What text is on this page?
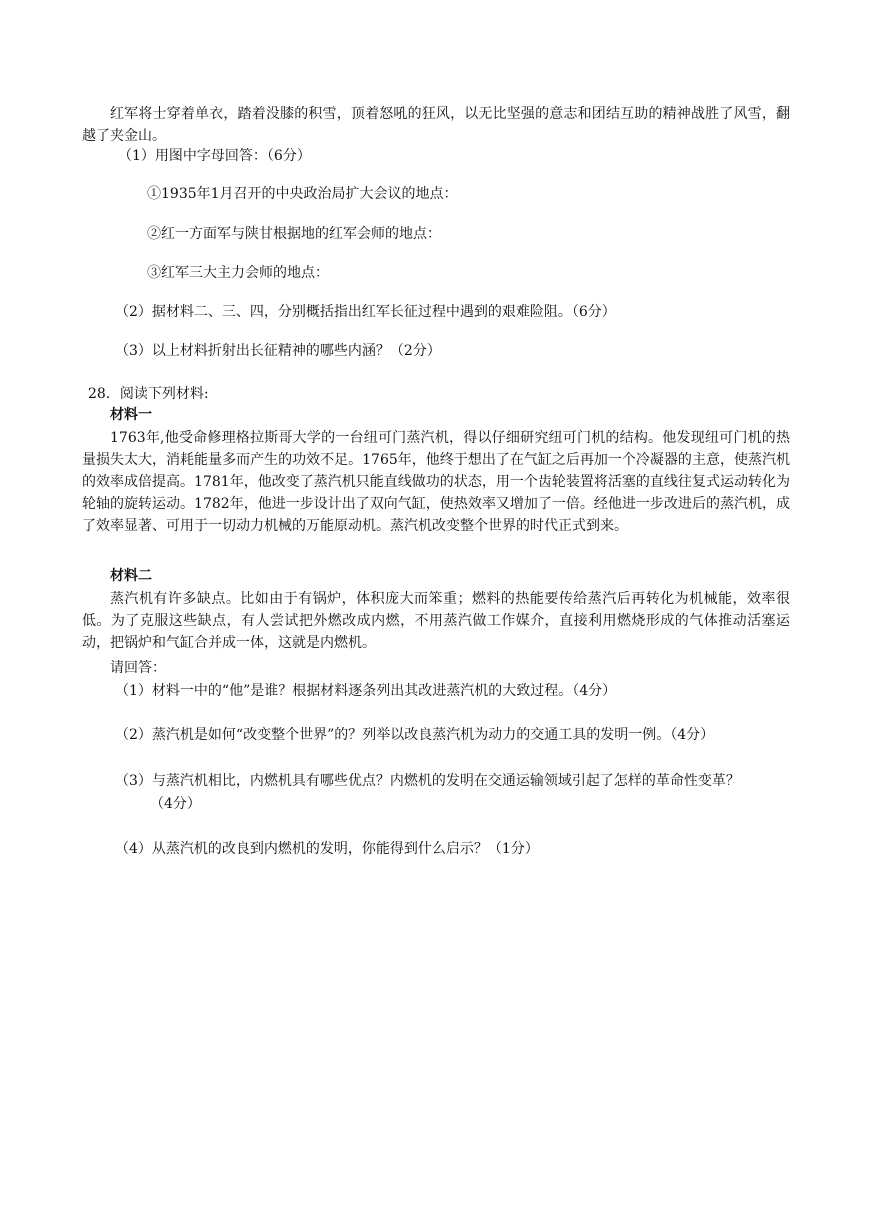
红军将士穿着单衣，踏着没膝的积雪，顶着怒吼的狂风，以无比坚强的意志和团结互助的精神战胜了风雪，翻越了夹金山。

（1）用图中字母回答：（6分）
①1935年1月召开的中央政治局扩大会议的地点：
②红一方面军与陕甘根据地的红军会师的地点：
③红军三大主力会师的地点：
（2）据材料二、三、四，分别概括指出红军长征过程中遇到的艰难险阻。（6分）
（3）以上材料折射出长征精神的哪些内涵？（2分）
28．阅读下列材料:
材料一

1763年,他受命修理格拉斯哥大学的一台纽可门蒸汽机，得以仔细研究纽可门机的结构。他发现纽可门机的热量损失太大，消耗能量多而产生的功效不足。1765年，他终于想出了在气缸之后再加一个冷凝器的主意，使蒸汽机的效率成倍提高。1781年，他改变了蒸汽机只能直线做功的状态，用一个齿轮装置将活塞的直线往复式运动转化为轮轴的旋转运动。1782年，他进一步设计出了双向气缸，使热效率又增加了一倍。经他进一步改进后的蒸汽机，成了效率显著、可用于一切动力机械的万能原动机。蒸汽机改变整个世界的时代正式到来。

材料二

蒸汽机有许多缺点。比如由于有锅炉，体积庞大而笨重；燃料的热能要传给蒸汽后再转化为机械能，效率很低。为了克服这些缺点，有人尝试把外燃改成内燃，不用蒸汽做工作媒介，直接利用燃烧形成的气体推动活塞运动，把锅炉和气缸合并成一体，这就是内燃机。

请回答：
（1）材料一中的“他”是谁？根据材料逐条列出其改进蒸汽机的大致过程。（4分）
（2）蒸汽机是如何“改变整个世界”的？列举以改良蒸汽机为动力的交通工具的发明一例。（4分）
（3）与蒸汽机相比，内燃机具有哪些优点？内燃机的发明在交通运输领域引起了怎样的革命性变革？
（4分）
（4）从蒸汽机的改良到内燃机的发明，你能得到什么启示？（1分）
